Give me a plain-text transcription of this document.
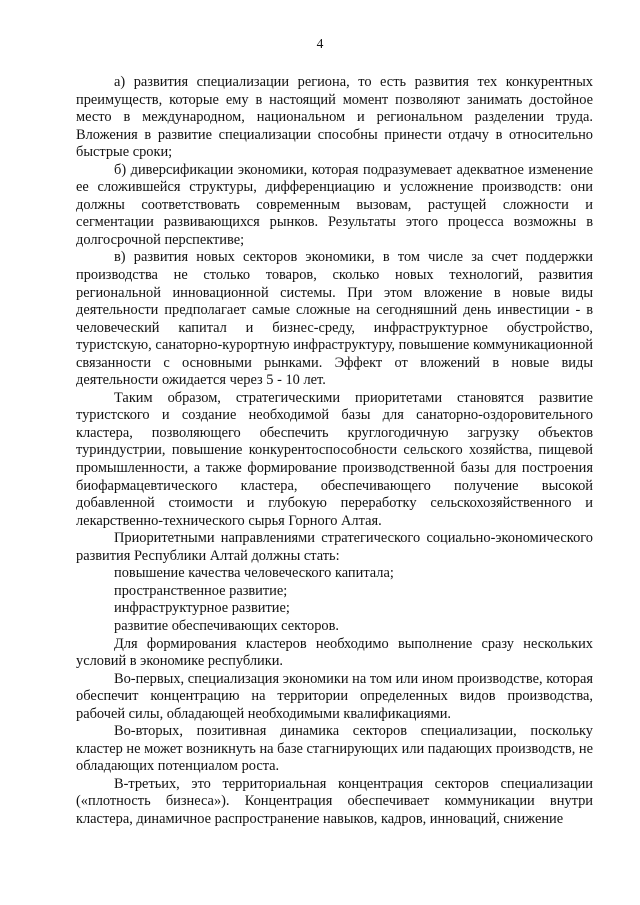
4

а) развития специализации региона, то есть развития тех конкурентных преимуществ, которые ему в настоящий момент позволяют занимать достойное место в международном, национальном и региональном разделении труда. Вложения в развитие специализации способны принести отдачу в относительно быстрые сроки;

б) диверсификации экономики, которая подразумевает адекватное изменение ее сложившейся структуры, дифференциацию и усложнение производств: они должны соответствовать современным вызовам, растущей сложности и сегментации развивающихся рынков. Результаты этого процесса возможны в долгосрочной перспективе;

в) развития новых секторов экономики, в том числе за счет поддержки производства не столько товаров, сколько новых технологий, развития региональной инновационной системы. При этом вложение в новые виды деятельности предполагает самые сложные на сегодняшний день инвестиции - в человеческий капитал и бизнес-среду, инфраструктурное обустройство, туристскую, санаторно-курортную инфраструктуру, повышение коммуникационной связанности с основными рынками. Эффект от вложений в новые виды деятельности ожидается через 5 - 10 лет.

Таким образом, стратегическими приоритетами становятся развитие туристского и создание необходимой базы для санаторно-оздоровительного кластера, позволяющего обеспечить круглогодичную загрузку объектов туриндустрии, повышение конкурентоспособности сельского хозяйства, пищевой промышленности, а также формирование производственной базы для построения биофармацевтического кластера, обеспечивающего получение высокой добавленной стоимости и глубокую переработку сельскохозяйственного и лекарственно-технического сырья Горного Алтая.

Приоритетными направлениями стратегического социально-экономического развития Республики Алтай должны стать:

повышение качества человеческого капитала;

пространственное развитие;

инфраструктурное развитие;

развитие обеспечивающих секторов.

Для формирования кластеров необходимо выполнение сразу нескольких условий в экономике республики.

Во-первых, специализация экономики на том или ином производстве, которая обеспечит концентрацию на территории определенных видов производства, рабочей силы, обладающей необходимыми квалификациями.

Во-вторых, позитивная динамика секторов специализации, поскольку кластер не может возникнуть на базе стагнирующих или падающих производств, не обладающих потенциалом роста.

В-третьих, это территориальная концентрация секторов специализации («плотность бизнеса»). Концентрация обеспечивает коммуникации внутри кластера, динамичное распространение навыков, кадров, инноваций, снижение
